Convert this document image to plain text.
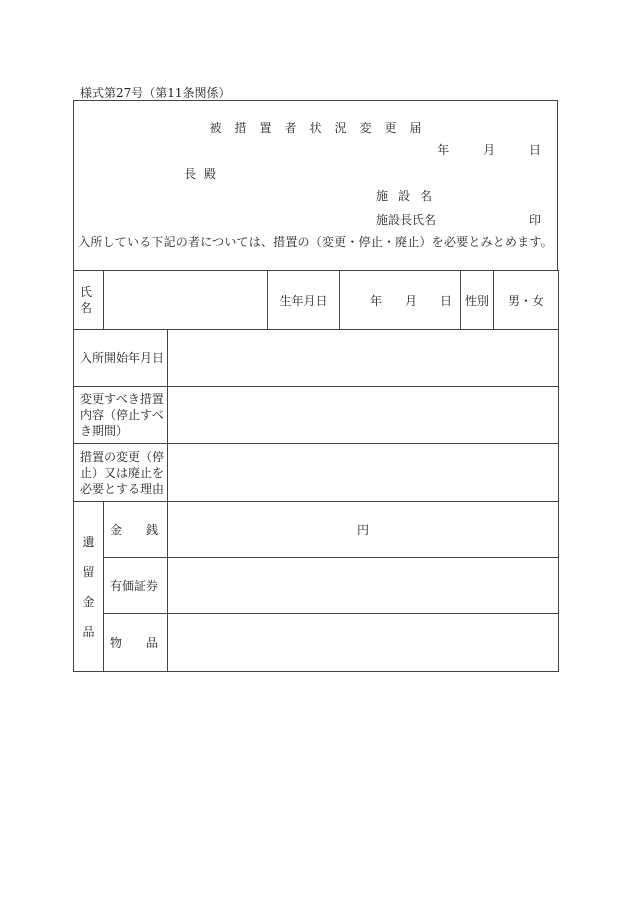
様式第27号（第11条関係）
被措置者状況変更届
年	月	日
長殿
施設名
施設長氏名	印
入所している下記の者については、措置の（変更・停止・廃止）を必要とみとめます。
氏 名			生年月日	年 月 日	性別	男・女
入所開始年月日						
変更すべき措置内容（停止すべき期間）						
措置の変更（停止）又は廃止を必要とする理由						

遺
留
金
品	金　　銭	円				
	有価証券					
	物　　品					
